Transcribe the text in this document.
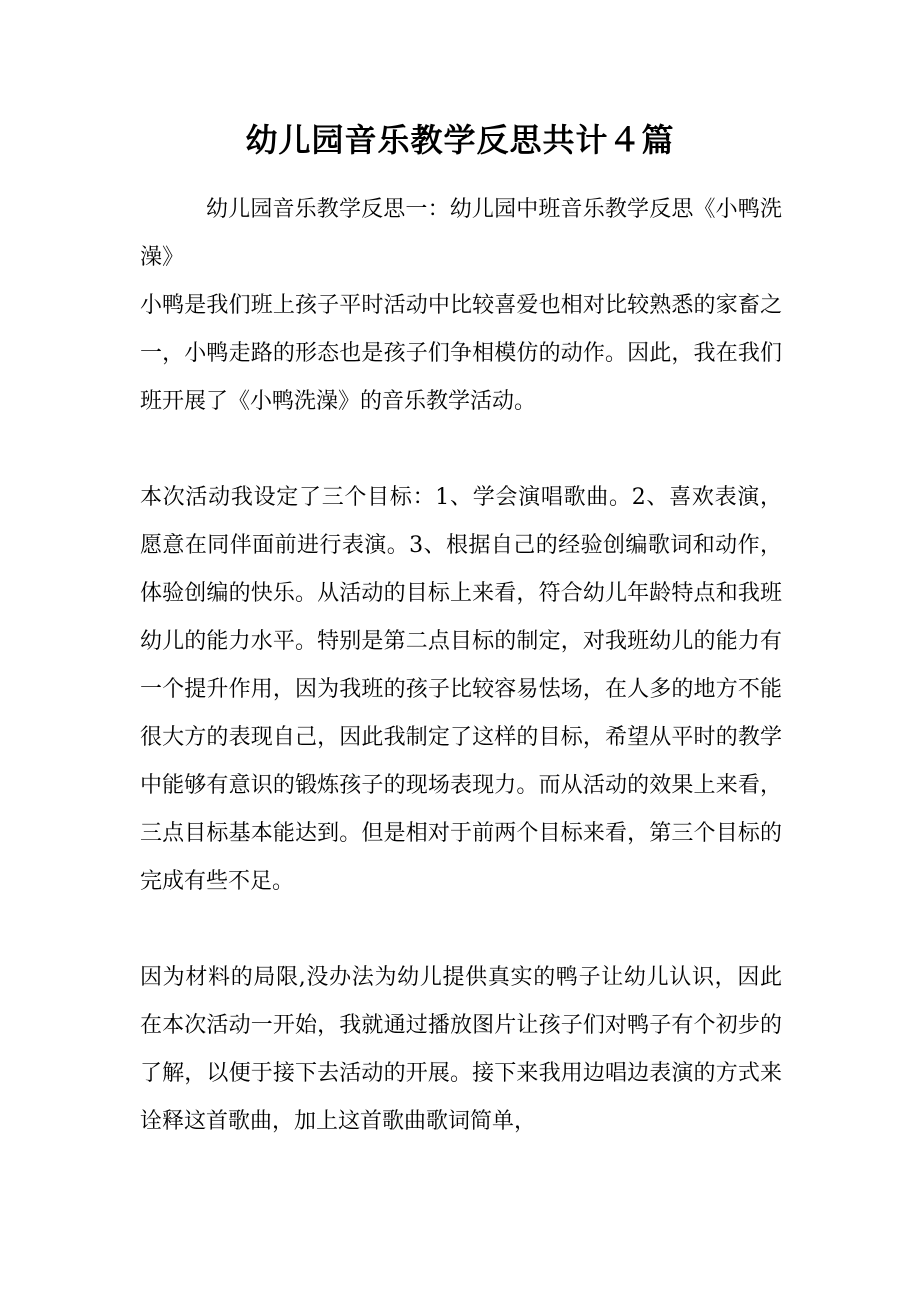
幼儿园音乐教学反思共计４篇

幼儿园音乐教学反思一：幼儿园中班音乐教学反思《小鸭洗澡》

小鸭是我们班上孩子平时活动中比较喜爱也相对比较熟悉的家畜之一，小鸭走路的形态也是孩子们争相模仿的动作。因此，我在我们班开展了《小鸭洗澡》的音乐教学活动。

本次活动我设定了三个目标：1、学会演唱歌曲。2、喜欢表演，愿意在同伴面前进行表演。3、根据自己的经验创编歌词和动作，体验创编的快乐。从活动的目标上来看，符合幼儿年龄特点和我班幼儿的能力水平。特别是第二点目标的制定，对我班幼儿的能力有一个提升作用，因为我班的孩子比较容易怯场，在人多的地方不能很大方的表现自己，因此我制定了这样的目标，希望从平时的教学中能够有意识的锻炼孩子的现场表现力。而从活动的效果上来看，三点目标基本能达到。但是相对于前两个目标来看，第三个目标的完成有些不足。

因为材料的局限,没办法为幼儿提供真实的鸭子让幼儿认识，因此在本次活动一开始，我就通过播放图片让孩子们对鸭子有个初步的了解，以便于接下去活动的开展。接下来我用边唱边表演的方式来诠释这首歌曲，加上这首歌曲歌词简单，
